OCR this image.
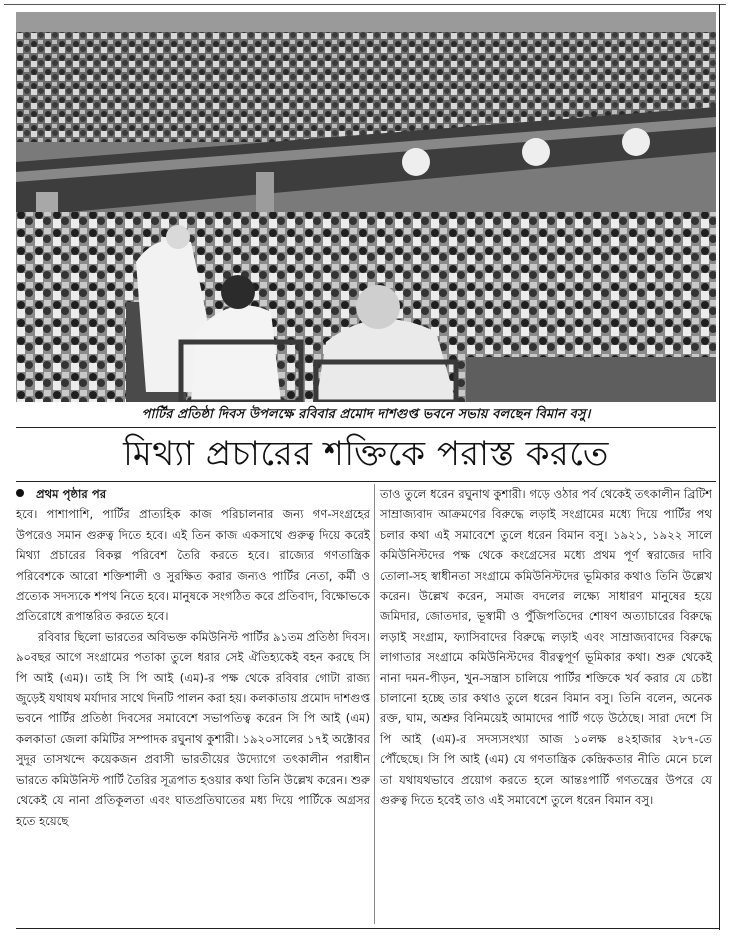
পার্টির প্রতিষ্ঠা দিবস উপলক্ষে রবিবার প্রমোদ দাশগুপ্ত ভবনে সভায় বলছেন বিমান বসু।
মিথ্যা প্রচারের শক্তিকে পরাস্ত করতে
প্রথম পৃষ্ঠার পর

হবে। পাশাপাশি, পার্টির প্রাত্যহিক কাজ পরিচালনার জন্য গণ-সংগ্রহের উপরেও সমান গুরুত্ব দিতে হবে। এই তিন কাজ একসাথে গুরুত্ব দিয়ে করেই মিথ্যা প্রচারের বিকল্প পরিবেশ তৈরি করতে হবে। রাজ্যের গণতান্ত্রিক পরিবেশকে আরো শক্তিশালী ও সুরক্ষিত করার জন্যও পার্টির নেতা, কর্মী ও প্রত্যেক সদস্যকে শপথ নিতে হবে। মানুষকে সংগঠিত করে প্রতিবাদ, বিক্ষোভকে প্রতিরোধে রূপান্তরিত করতে হবে।

রবিবার ছিলো ভারতের অবিভক্ত কমিউনিস্ট পার্টির ৯১তম প্রতিষ্ঠা দিবস। ৯০বছর আগে সংগ্রামের পতাকা তুলে ধরার সেই ঐতিহ্যকেই বহন করছে সি পি আই (এম)। তাই সি পি আই (এম)-র পক্ষ থেকে রবিবার গোটা রাজ্য জুড়েই যথাযথ মর্যাদার সাথে দিনটি পালন করা হয়। কলকাতায় প্রমোদ দাশগুপ্ত ভবনে পার্টির প্রতিষ্ঠা দিবসের সমাবেশে সভাপতিত্ব করেন সি পি আই (এম) কলকাতা জেলা কমিটির সম্পাদক রঘুনাথ কুশারী। ১৯২০সালের ১৭ই অক্টোবর সুদূর তাসখন্দে কয়েকজন প্রবাসী ভারতীয়ের উদ্যোগে তৎকালীন পরাধীন ভারতে কমিউনিস্ট পার্টি তৈরির সূত্রপাত হওয়ার কথা তিনি উল্লেখ করেন। শুরু থেকেই যে নানা প্রতিকূলতা এবং ঘাতপ্রতিঘাতের মধ্য দিয়ে পার্টিকে অগ্রসর হতে হয়েছে

তাও তুলে ধরেন রঘুনাথ কুশারী। গড়ে ওঠার পর্ব থেকেই তৎকালীন ব্রিটিশ সাম্রাজ্যবাদ আক্রমণের বিরুদ্ধে লড়াই সংগ্রামের মধ্যে দিয়ে পার্টির পথ চলার কথা এই সমাবেশে তুলে ধরেন বিমান বসু। ১৯২১, ১৯২২ সালে কমিউনিস্টদের পক্ষ থেকে কংগ্রেসের মধ্যে প্রথম পূর্ণ স্বরাজের দাবি তোলা-সহ স্বাধীনতা সংগ্রামে কমিউনিস্টদের ভূমিকার কথাও তিনি উল্লেখ করেন। উল্লেখ করেন, সমাজ বদলের লক্ষ্যে সাধারণ মানুষের হয়ে জমিদার, জোতদার, ভূস্বামী ও পুঁজিপতিদের শোষণ অত্যাচারের বিরুদ্ধে লড়াই সংগ্রাম, ফ্যাসিবাদের বিরুদ্ধে লড়াই এবং সাম্রাজ্যবাদের বিরুদ্ধে লাগাতার সংগ্রামে কমিউনিস্টদের বীরত্বপূর্ণ ভূমিকার কথা। শুরু থেকেই নানা দমন-পীড়ন, খুন-সন্ত্রাস চালিয়ে পার্টির শক্তিকে খর্ব করার যে চেষ্টা চালানো হচ্ছে তার কথাও তুলে ধরেন বিমান বসু। তিনি বলেন, অনেক রক্ত, ঘাম, অশ্রুর বিনিময়েই আমাদের পার্টি গড়ে উঠেছে। সারা দেশে সি পি আই (এম)-র সদস্যসংখ্যা আজ ১০লক্ষ ৪২হাজার ২৮৭-তে পৌঁছেছে। সি পি আই (এম) যে গণতান্ত্রিক কেন্দ্রিকতার নীতি মেনে চলে তা যথাযথভাবে প্রয়োগ করতে হলে আন্তঃপার্টি গণতন্ত্রের উপরে যে গুরুত্ব দিতে হবেই তাও এই সমাবেশে তুলে ধরেন বিমান বসু।
